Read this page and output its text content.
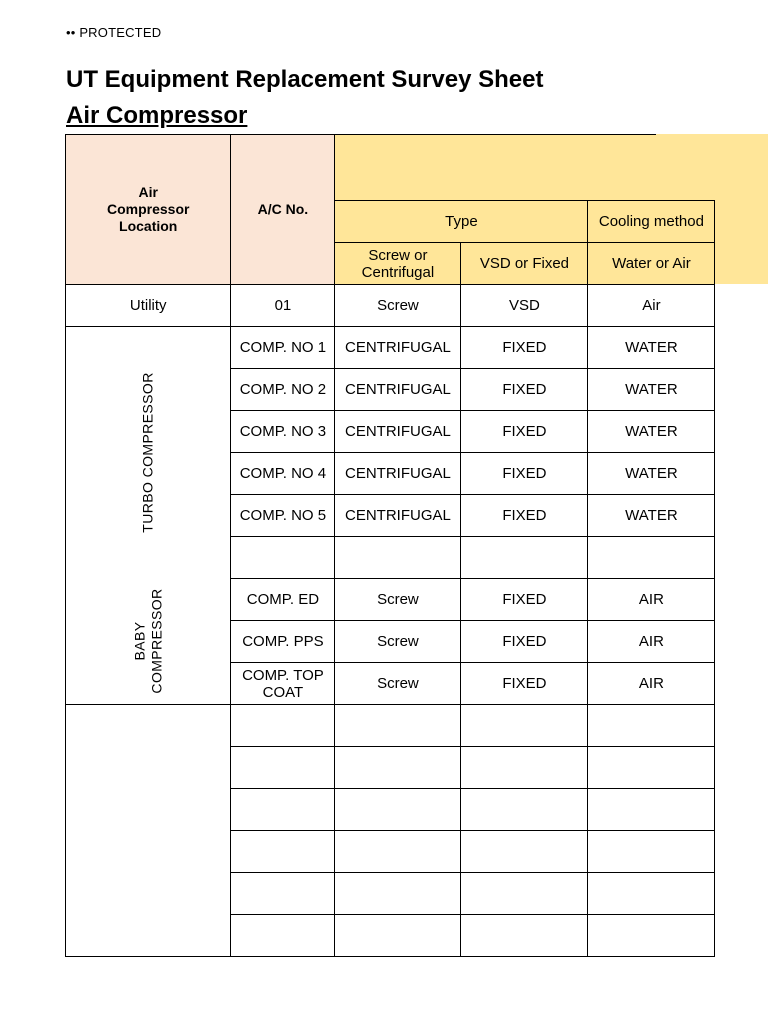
•• PROTECTED
UT Equipment Replacement Survey Sheet
Air Compressor
Air Compressor Location	A/C No.			
		Type		Cooling method
		Screw or Centrifugal	VSD or Fixed	Water or Air
Utility	01	Screw	VSD	Air
TURBO COMPRESSOR	COMP. NO 1	CENTRIFUGAL	FIXED	WATER
	COMP. NO 2	CENTRIFUGAL	FIXED	WATER
	COMP. NO 3	CENTRIFUGAL	FIXED	WATER
	COMP. NO 4	CENTRIFUGAL	FIXED	WATER
	COMP. NO 5	CENTRIFUGAL	FIXED	WATER

BABY
COMPRESSOR	COMP. ED	Screw	FIXED	AIR
	COMP. PPS	Screw	FIXED	AIR
	COMP. TOP COAT	Screw	FIXED	AIR
